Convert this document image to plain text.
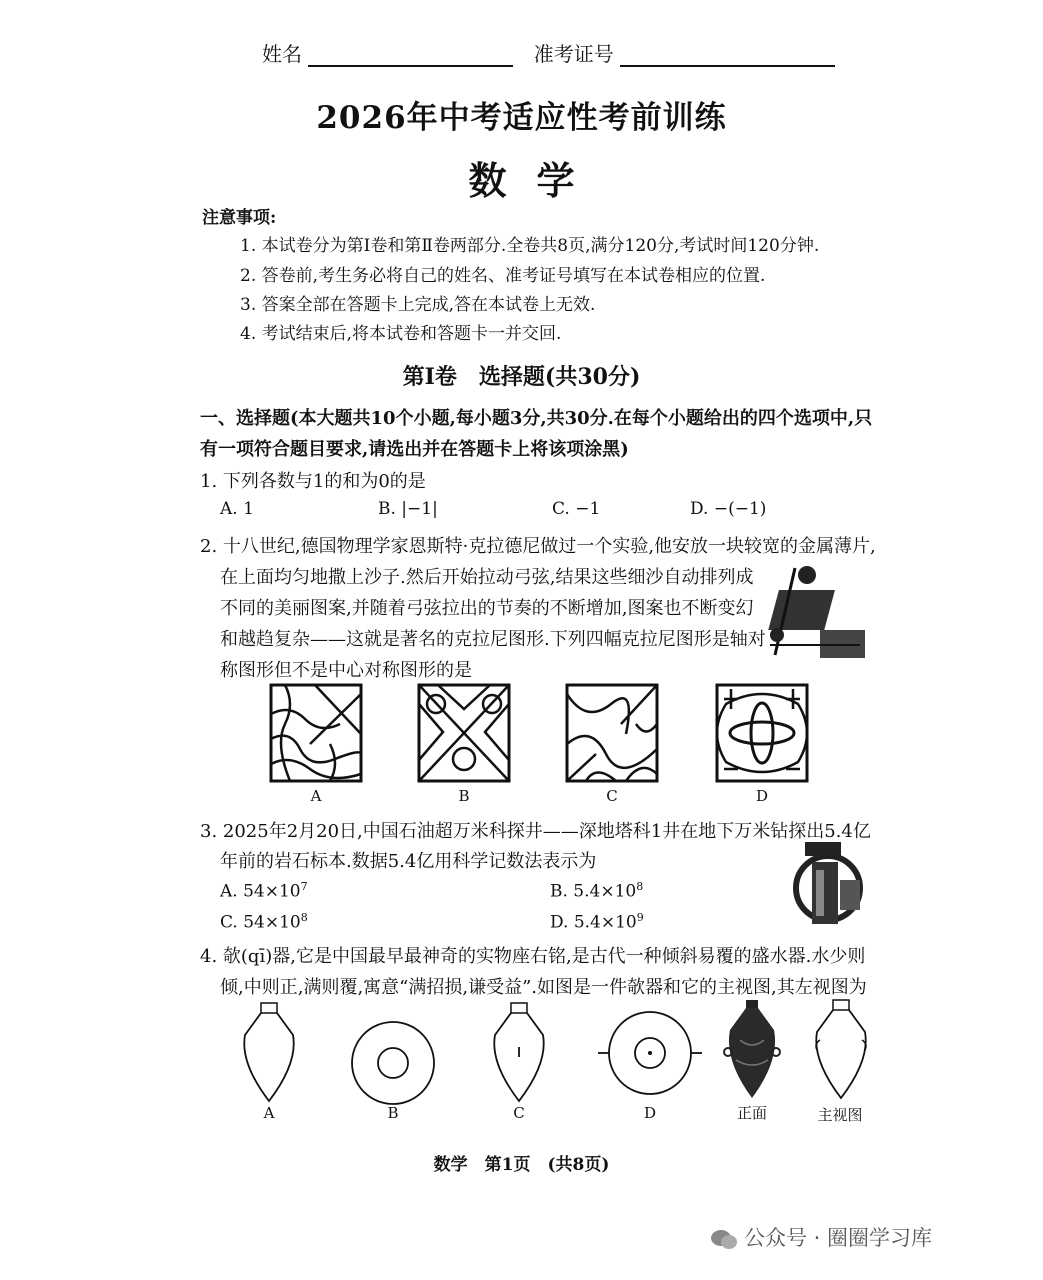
姓名	准考证号
2026年中考适应性考前训练
数学
注意事项:
1. 本试卷分为第Ⅰ卷和第Ⅱ卷两部分.全卷共8页,满分120分,考试时间120分钟.
2. 答卷前,考生务必将自己的姓名、准考证号填写在本试卷相应的位置.
3. 答案全部在答题卡上完成,答在本试卷上无效.
4. 考试结束后,将本试卷和答题卡一并交回.
第Ⅰ卷　选择题(共30分)
一、选择题(本大题共10个小题,每小题3分,共30分.在每个小题给出的四个选项中,只
有一项符合题目要求,请选出并在答题卡上将该项涂黑)
1. 下列各数与1的和为0的是
A. 1	B. |−1|	C. −1	D. −(−1)
2. 十八世纪,德国物理学家恩斯特·克拉德尼做过一个实验,他安放一块较宽的金属薄片,
在上面均匀地撒上沙子.然后开始拉动弓弦,结果这些细沙自动排列成
不同的美丽图案,并随着弓弦拉出的节奏的不断增加,图案也不断变幻
和越趋复杂——这就是著名的克拉尼图形.下列四幅克拉尼图形是轴对
称图形但不是中心对称图形的是
A	B	C	D
3. 2025年2月20日,中国石油超万米科探井——深地塔科1井在地下万米钻探出5.4亿
年前的岩石标本.数据5.4亿用科学记数法表示为
A. $54\times 10^7$	B. $5.4\times 10^8$
C. $54\times 10^8$	D. $5.4\times 10^9$
4. 欹(qī)器,它是中国最早最神奇的实物座右铭,是古代一种倾斜易覆的盛水器.水少则
倾,中则正,满则覆,寓意“满招损,谦受益”.如图是一件欹器和它的主视图,其左视图为
A	B	C	D	正面	主视图
数学　第1页　(共8页)
公众号 · 圈圈学习库
